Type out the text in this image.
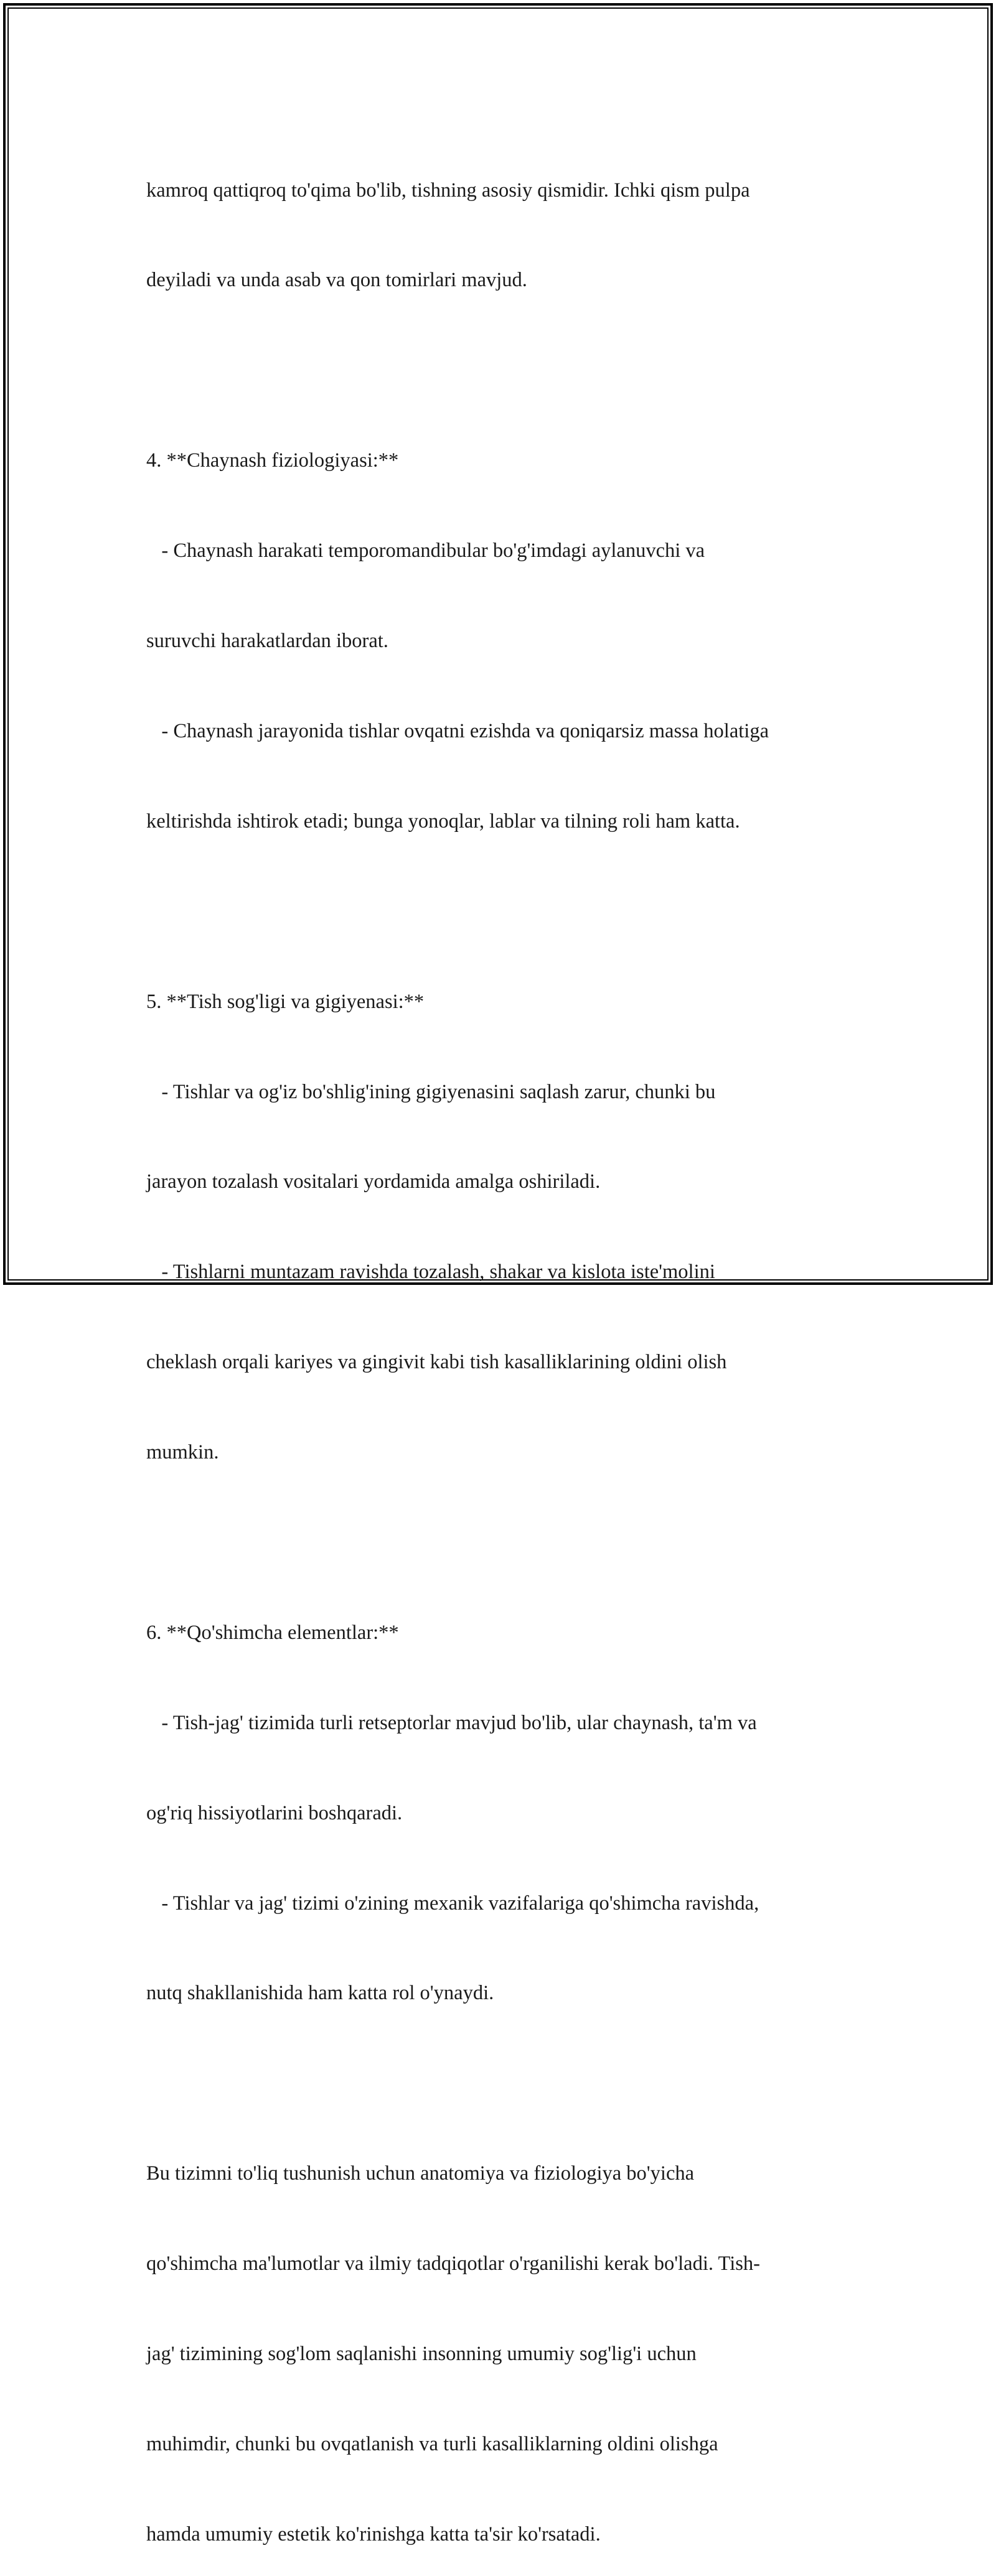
kamroq qattiqroq to'qima bo'lib, tishning asosiy qismidir. Ichki qism pulpa

deyiladi va unda asab va qon tomirlari mavjud.

4. **Chaynash fiziologiyasi:**

- Chaynash harakati temporomandibular bo'g'imdagi aylanuvchi va

suruvchi harakatlardan iborat.

- Chaynash jarayonida tishlar ovqatni ezishda va qoniqarsiz massa holatiga

keltirishda ishtirok etadi; bunga yonoqlar, lablar va tilning roli ham katta.

5. **Tish sog'ligi va gigiyenasi:**

- Tishlar va og'iz bo'shlig'ining gigiyenasini saqlash zarur, chunki bu

jarayon tozalash vositalari yordamida amalga oshiriladi.

- Tishlarni muntazam ravishda tozalash, shakar va kislota iste'molini

cheklash orqali kariyes va gingivit kabi tish kasalliklarining oldini olish

mumkin.

6. **Qo'shimcha elementlar:**

- Tish-jag' tizimida turli retseptorlar mavjud bo'lib, ular chaynash, ta'm va

og'riq hissiyotlarini boshqaradi.

- Tishlar va jag' tizimi o'zining mexanik vazifalariga qo'shimcha ravishda,

nutq shakllanishida ham katta rol o'ynaydi.

Bu tizimni to'liq tushunish uchun anatomiya va fiziologiya bo'yicha

qo'shimcha ma'lumotlar va ilmiy tadqiqotlar o'rganilishi kerak bo'ladi. Tish-

jag' tizimining sog'lom saqlanishi insonning umumiy sog'lig'i uchun

muhimdir, chunki bu ovqatlanish va turli kasalliklarning oldini olishga

hamda umumiy estetik ko'rinishga katta ta'sir ko'rsatadi.
